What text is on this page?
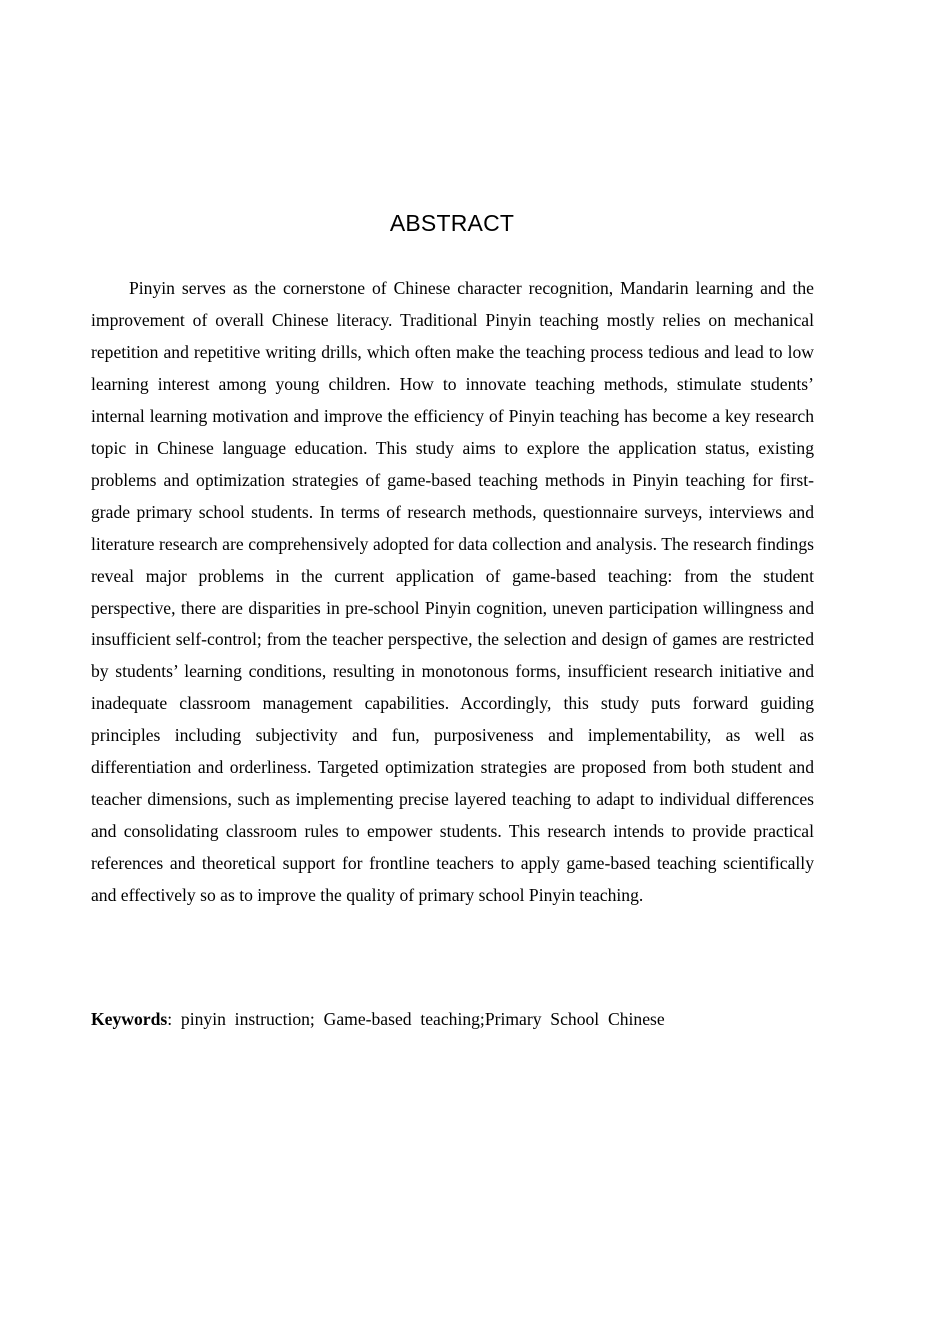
ABSTRACT

Pinyin serves as the cornerstone of Chinese character recognition, Mandarin learning and the improvement of overall Chinese literacy. Traditional Pinyin teaching mostly relies on mechanical repetition and repetitive writing drills, which often make the teaching process tedious and lead to low learning interest among young children. How to innovate teaching methods, stimulate students’ internal learning motivation and improve the efficiency of Pinyin teaching has become a key research topic in Chinese language education. This study aims to explore the application status, existing problems and optimization strategies of game-based teaching methods in Pinyin teaching for first-grade primary school students. In terms of research methods, questionnaire surveys, interviews and literature research are comprehensively adopted for data collection and analysis. The research findings reveal major problems in the current application of game-based teaching: from the student perspective, there are disparities in pre-school Pinyin cognition, uneven participation willingness and insufficient self-control; from the teacher perspective, the selection and design of games are restricted by students’ learning conditions, resulting in monotonous forms, insufficient research initiative and inadequate classroom management capabilities. Accordingly, this study puts forward guiding principles including subjectivity and fun, purposiveness and implementability, as well as differentiation and orderliness. Targeted optimization strategies are proposed from both student and teacher dimensions, such as implementing precise layered teaching to adapt to individual differences and consolidating classroom rules to empower students. This research intends to provide practical references and theoretical support for frontline teachers to apply game-based teaching scientifically and effectively so as to improve the quality of primary school Pinyin teaching.

Keywords:  pinyin  instruction;  Game-based  teaching;Primary  School  Chinese
